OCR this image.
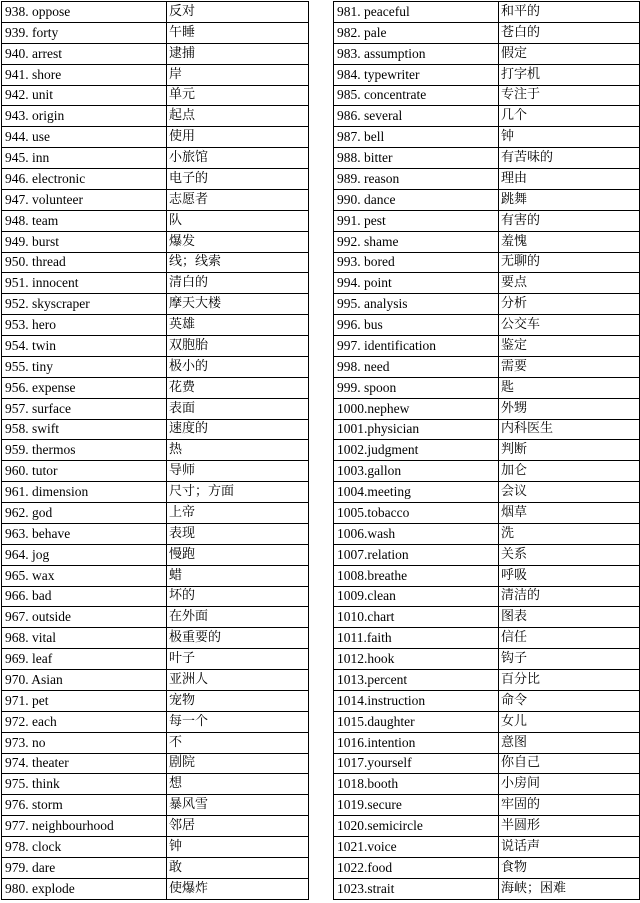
938. oppose	反对
939. forty	午睡
940. arrest	逮捕
941. shore	岸
942. unit	单元
943. origin	起点
944. use	使用
945. inn	小旅馆
946. electronic	电子的
947. volunteer	志愿者
948. team	队
949. burst	爆发
950. thread	线；线索
951. innocent	清白的
952. skyscraper	摩天大楼
953. hero	英雄
954. twin	双胞胎
955. tiny	极小的
956. expense	花费
957. surface	表面
958. swift	速度的
959. thermos	热
960. tutor	导师
961. dimension	尺寸；方面
962. god	上帝
963. behave	表现
964. jog	慢跑
965. wax	蜡
966. bad	坏的
967. outside	在外面
968. vital	极重要的
969. leaf	叶子
970. Asian	亚洲人
971. pet	宠物
972. each	每一个
973. no	不
974. theater	剧院
975. think	想
976. storm	暴风雪
977. neighbourhood	邻居
978. clock	钟
979. dare	敢
980. explode	使爆炸
981. peaceful	和平的
982. pale	苍白的
983. assumption	假定
984. typewriter	打字机
985. concentrate	专注于
986. several	几个
987. bell	钟
988. bitter	有苦味的
989. reason	理由
990. dance	跳舞
991. pest	有害的
992. shame	羞愧
993. bored	无聊的
994. point	要点
995. analysis	分析
996. bus	公交车
997. identification	鉴定
998. need	需要
999. spoon	匙
1000.nephew	外甥
1001.physician	内科医生
1002.judgment	判断
1003.gallon	加仑
1004.meeting	会议
1005.tobacco	烟草
1006.wash	洗
1007.relation	关系
1008.breathe	呼吸
1009.clean	清洁的
1010.chart	图表
1011.faith	信任
1012.hook	钩子
1013.percent	百分比
1014.instruction	命令
1015.daughter	女儿
1016.intention	意图
1017.yourself	你自己
1018.booth	小房间
1019.secure	牢固的
1020.semicircle	半圆形
1021.voice	说话声
1022.food	食物
1023.strait	海峡；困难
